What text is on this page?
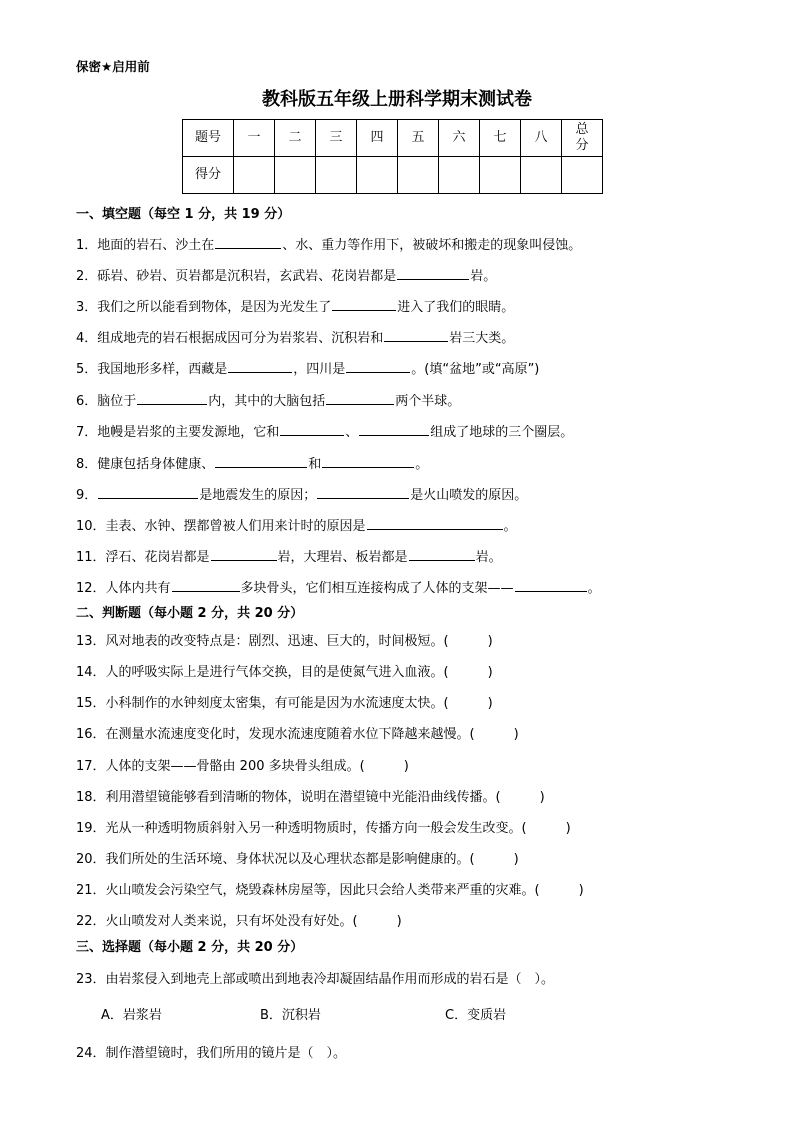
保密★启用前
教科版五年级上册科学期末测试卷
题号	一	二	三	四	五	六	七	八	总
分
得分									
一、填空题（每空 1 分，共 19 分）
1．地面的岩石、沙土在	、水、重力等作用下，被破坏和搬走的现象叫侵蚀。
2．砾岩、砂岩、页岩都是沉积岩，玄武岩、花岗岩都是	岩。
3．我们之所以能看到物体，是因为光发生了	进入了我们的眼睛。
4．组成地壳的岩石根据成因可分为岩浆岩、沉积岩和	岩三大类。
5．我国地形多样，西藏是	，四川是	。(填“盆地”或“高原”)
6．脑位于	内，其中的大脑包括	两个半球。
7．地幔是岩浆的主要发源地，它和	、	组成了地球的三个圈层。
8．健康包括身体健康、	和	。
9．	是地震发生的原因；	是火山喷发的原因。
10．圭表、水钟、摆都曾被人们用来计时的原因是	。
11．浮石、花岗岩都是	岩，大理岩、板岩都是	岩。
12．人体内共有	多块骨头，它们相互连接构成了人体的支架——	。
二、判断题（每小题 2 分，共 20 分）
13．风对地表的改变特点是：剧烈、迅速、巨大的，时间极短。(　　　)
14．人的呼吸实际上是进行气体交换，目的是使氮气进入血液。(　　　)
15．小科制作的水钟刻度太密集，有可能是因为水流速度太快。(　　　)
16．在测量水流速度变化时，发现水流速度随着水位下降越来越慢。(　　　)
17．人体的支架——骨骼由 200 多块骨头组成。(　　　)
18．利用潜望镜能够看到清晰的物体，说明在潜望镜中光能沿曲线传播。(　　　)
19．光从一种透明物质斜射入另一种透明物质时，传播方向一般会发生改变。(　　　)
20．我们所处的生活环境、身体状况以及心理状态都是影响健康的。(　　　)
21．火山喷发会污染空气，烧毁森林房屋等，因此只会给人类带来严重的灾难。(　　　)
22．火山喷发对人类来说，只有坏处没有好处。(　　　)
三、选择题（每小题 2 分，共 20 分）
23．由岩浆侵入到地壳上部或喷出到地表冷却凝固结晶作用而形成的岩石是（　）。
A．岩浆岩	B．沉积岩	C．变质岩
24．制作潜望镜时，我们所用的镜片是（　）。
